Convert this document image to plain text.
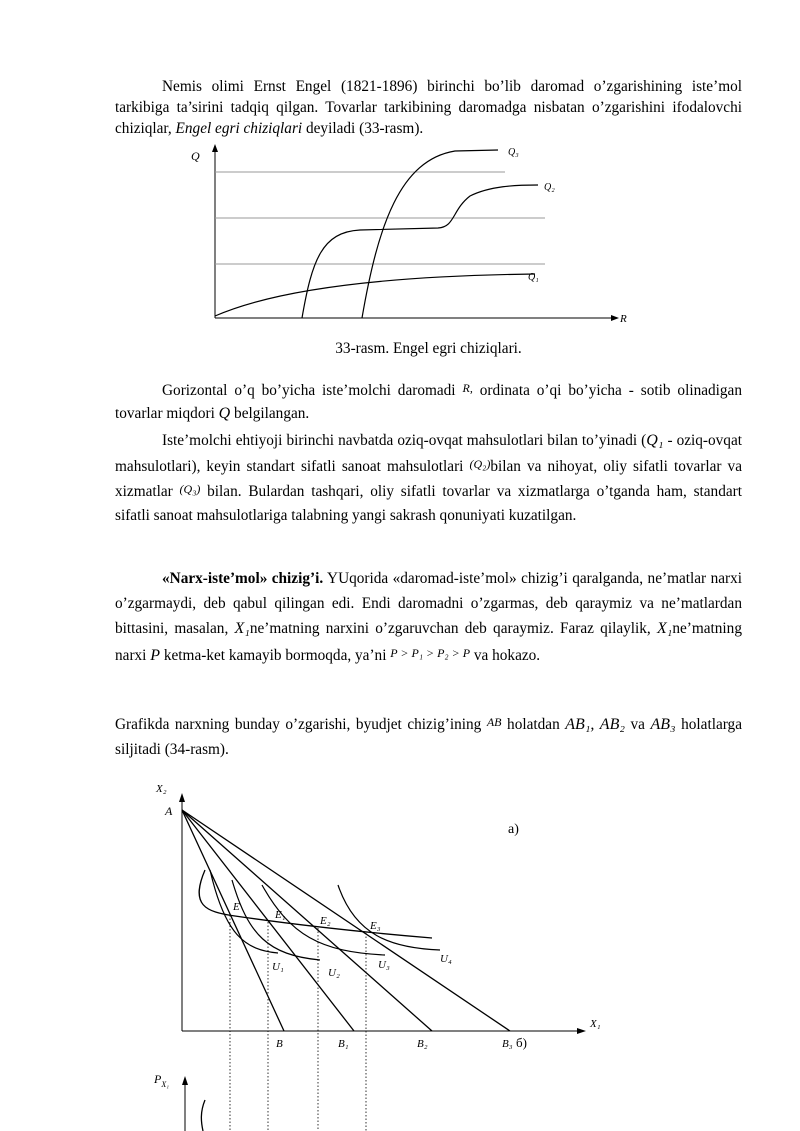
Nemis olimi Ernst Engel (1821-1896) birinchi bo’lib daromad o’zgarishining iste’mol tarkibiga ta’sirini tadqiq qilgan. Tovarlar tarkibining daromadga nisbatan o’zgarishini ifodalovchi chiziqlar, Engel egri chiziqlari deyiladi (33-rasm).

Q
R
Q₃
Q₂
Q₁
33-rasm. Engel egri chiziqlari.

Gorizontal o’q bo’yicha iste’molchi daromadi R, ordinata o’qi bo’yicha - sotib olinadigan tovarlar miqdori Q belgilangan.

Iste’molchi ehtiyoji birinchi navbatda oziq-ovqat mahsulotlari bilan to’yinadi (Q₁ - oziq-ovqat mahsulotlari), keyin standart sifatli sanoat mahsulotlari (Q₂)bilan va nihoyat, oliy sifatli tovarlar va xizmatlar (Q₃) bilan. Bulardan tashqari, oliy sifatli tovarlar va xizmatlarga o’tganda ham, standart sifatli sanoat mahsulotlariga talabning yangi sakrash qonuniyati kuzatilgan.

«Narx-iste’mol» chizig’i. YUqorida «daromad-iste’mol» chizig’i qaralganda, ne’matlar narxi o’zgarmaydi, deb qabul qilingan edi. Endi daromadni o’zgarmas, deb qaraymiz va ne’matlardan bittasini, masalan, X₁ne’matning narxini o’zgaruvchan deb qaraymiz. Faraz qilaylik, X₁ne’matning narxi P ketma-ket kamayib bormoqda, ya’ni P > P₁ > P₂ > P va hokazo.

Grafikda narxning bunday o’zgarishi, byudjet chizig’ining AB holatdan AB₁, AB₂ va AB₃ holatlarga siljitadi (34-rasm).

X₂
A
a)
E
E₁	E₂	E₃
U₁	U₂
U₃	U₄
X₁
B	B₁	B₂	B₃ б)
$P_{X_1}$
